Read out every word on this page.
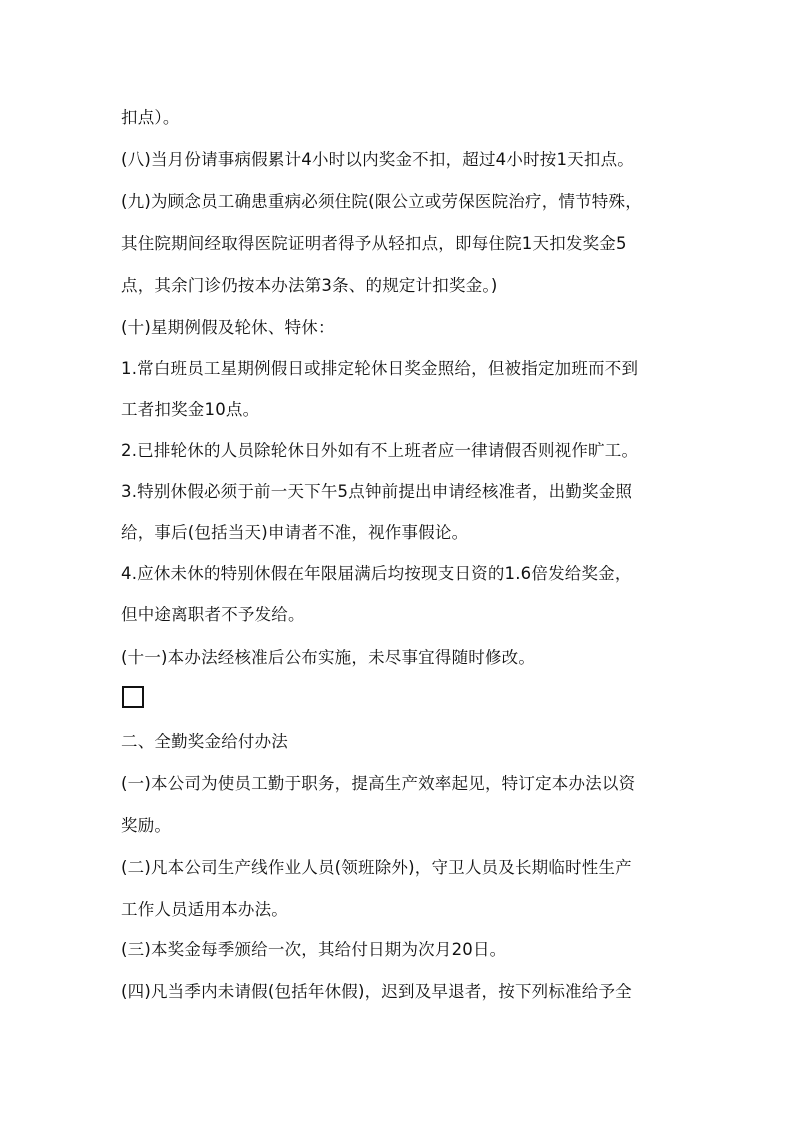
扣点）。
(八)当月份请事病假累计4小时以内奖金不扣，超过4小时按1天扣点。
(九)为顾念员工确患重病必须住院(限公立或劳保医院治疗，情节特殊，
其住院期间经取得医院证明者得予从轻扣点，即每住院1天扣发奖金5
点，其余门诊仍按本办法第3条、的规定计扣奖金。)
(十)星期例假及轮休、特休：
1.常白班员工星期例假日或排定轮休日奖金照给，但被指定加班而不到
工者扣奖金10点。
2.已排轮休的人员除轮休日外如有不上班者应一律请假否则视作旷工。
3.特别休假必须于前一天下午5点钟前提出申请经核准者，出勤奖金照
给，事后(包括当天)申请者不准，视作事假论。
4.应休未休的特别休假在年限届满后均按现支日资的1.6倍发给奖金，
但中途离职者不予发给。
(十一)本办法经核准后公布实施，未尽事宜得随时修改。
二、全勤奖金给付办法
(一)本公司为使员工勤于职务，提高生产效率起见，特订定本办法以资
奖励。
(二)凡本公司生产线作业人员(领班除外)，守卫人员及长期临时性生产
工作人员适用本办法。
(三)本奖金每季颁给一次，其给付日期为次月20日。
(四)凡当季内未请假(包括年休假)，迟到及早退者，按下列标准给予全
